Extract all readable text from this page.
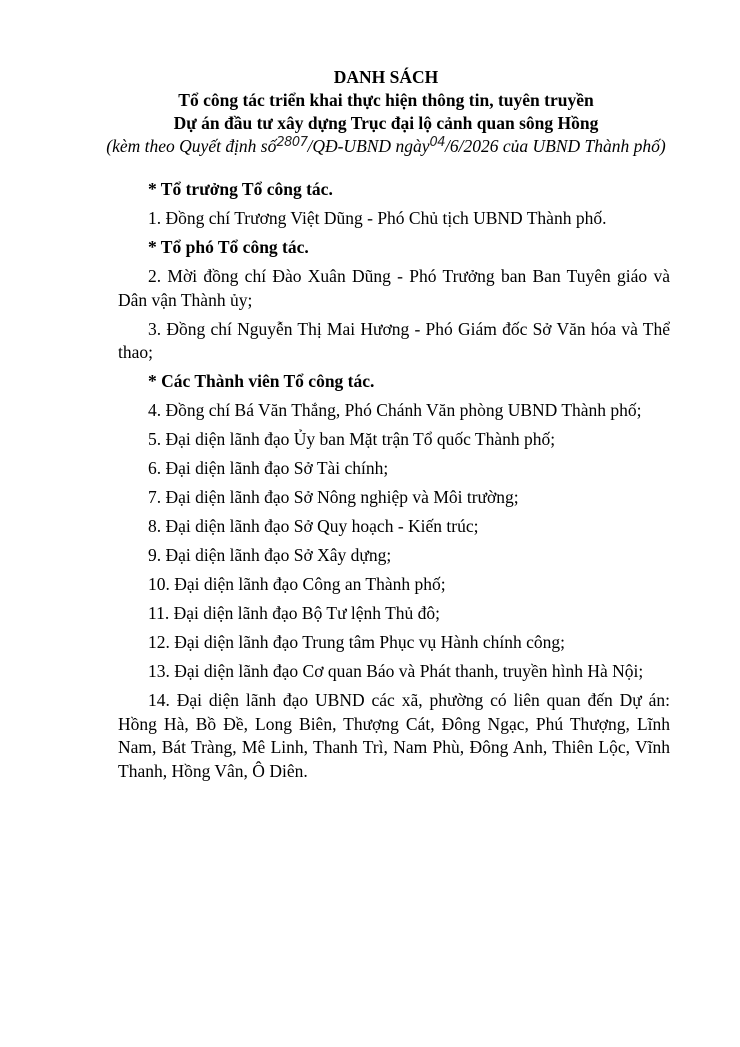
DANH SÁCH
Tổ công tác triển khai thực hiện thông tin, tuyên truyền
Dự án đầu tư xây dựng Trục đại lộ cảnh quan sông Hồng
(kèm theo Quyết định số$^{2807}$/QĐ-UBND ngày$^{04}$/6/2026 của UBND Thành phố)

* Tổ trưởng Tổ công tác.

1. Đồng chí Trương Việt Dũng - Phó Chủ tịch UBND Thành phố.

* Tổ phó Tổ công tác.

2. Mời đồng chí Đào Xuân Dũng - Phó Trưởng ban Ban Tuyên giáo và Dân vận Thành ủy;

3. Đồng chí Nguyễn Thị Mai Hương - Phó Giám đốc Sở Văn hóa và Thể thao;

* Các Thành viên Tổ công tác.

4. Đồng chí Bá Văn Thắng, Phó Chánh Văn phòng UBND Thành phố;

5. Đại diện lãnh đạo Ủy ban Mặt trận Tổ quốc Thành phố;

6. Đại diện lãnh đạo Sở Tài chính;

7. Đại diện lãnh đạo Sở Nông nghiệp và Môi trường;

8. Đại diện lãnh đạo Sở Quy hoạch - Kiến trúc;

9. Đại diện lãnh đạo Sở Xây dựng;

10. Đại diện lãnh đạo Công an Thành phố;

11. Đại diện lãnh đạo Bộ Tư lệnh Thủ đô;

12. Đại diện lãnh đạo Trung tâm Phục vụ Hành chính công;

13. Đại diện lãnh đạo Cơ quan Báo và Phát thanh, truyền hình Hà Nội;

14. Đại diện lãnh đạo UBND các xã, phường có liên quan đến Dự án: Hồng Hà, Bồ Đề, Long Biên, Thượng Cát, Đông Ngạc, Phú Thượng, Lĩnh Nam, Bát Tràng, Mê Linh, Thanh Trì, Nam Phù, Đông Anh, Thiên Lộc, Vĩnh Thanh, Hồng Vân, Ô Diên.
